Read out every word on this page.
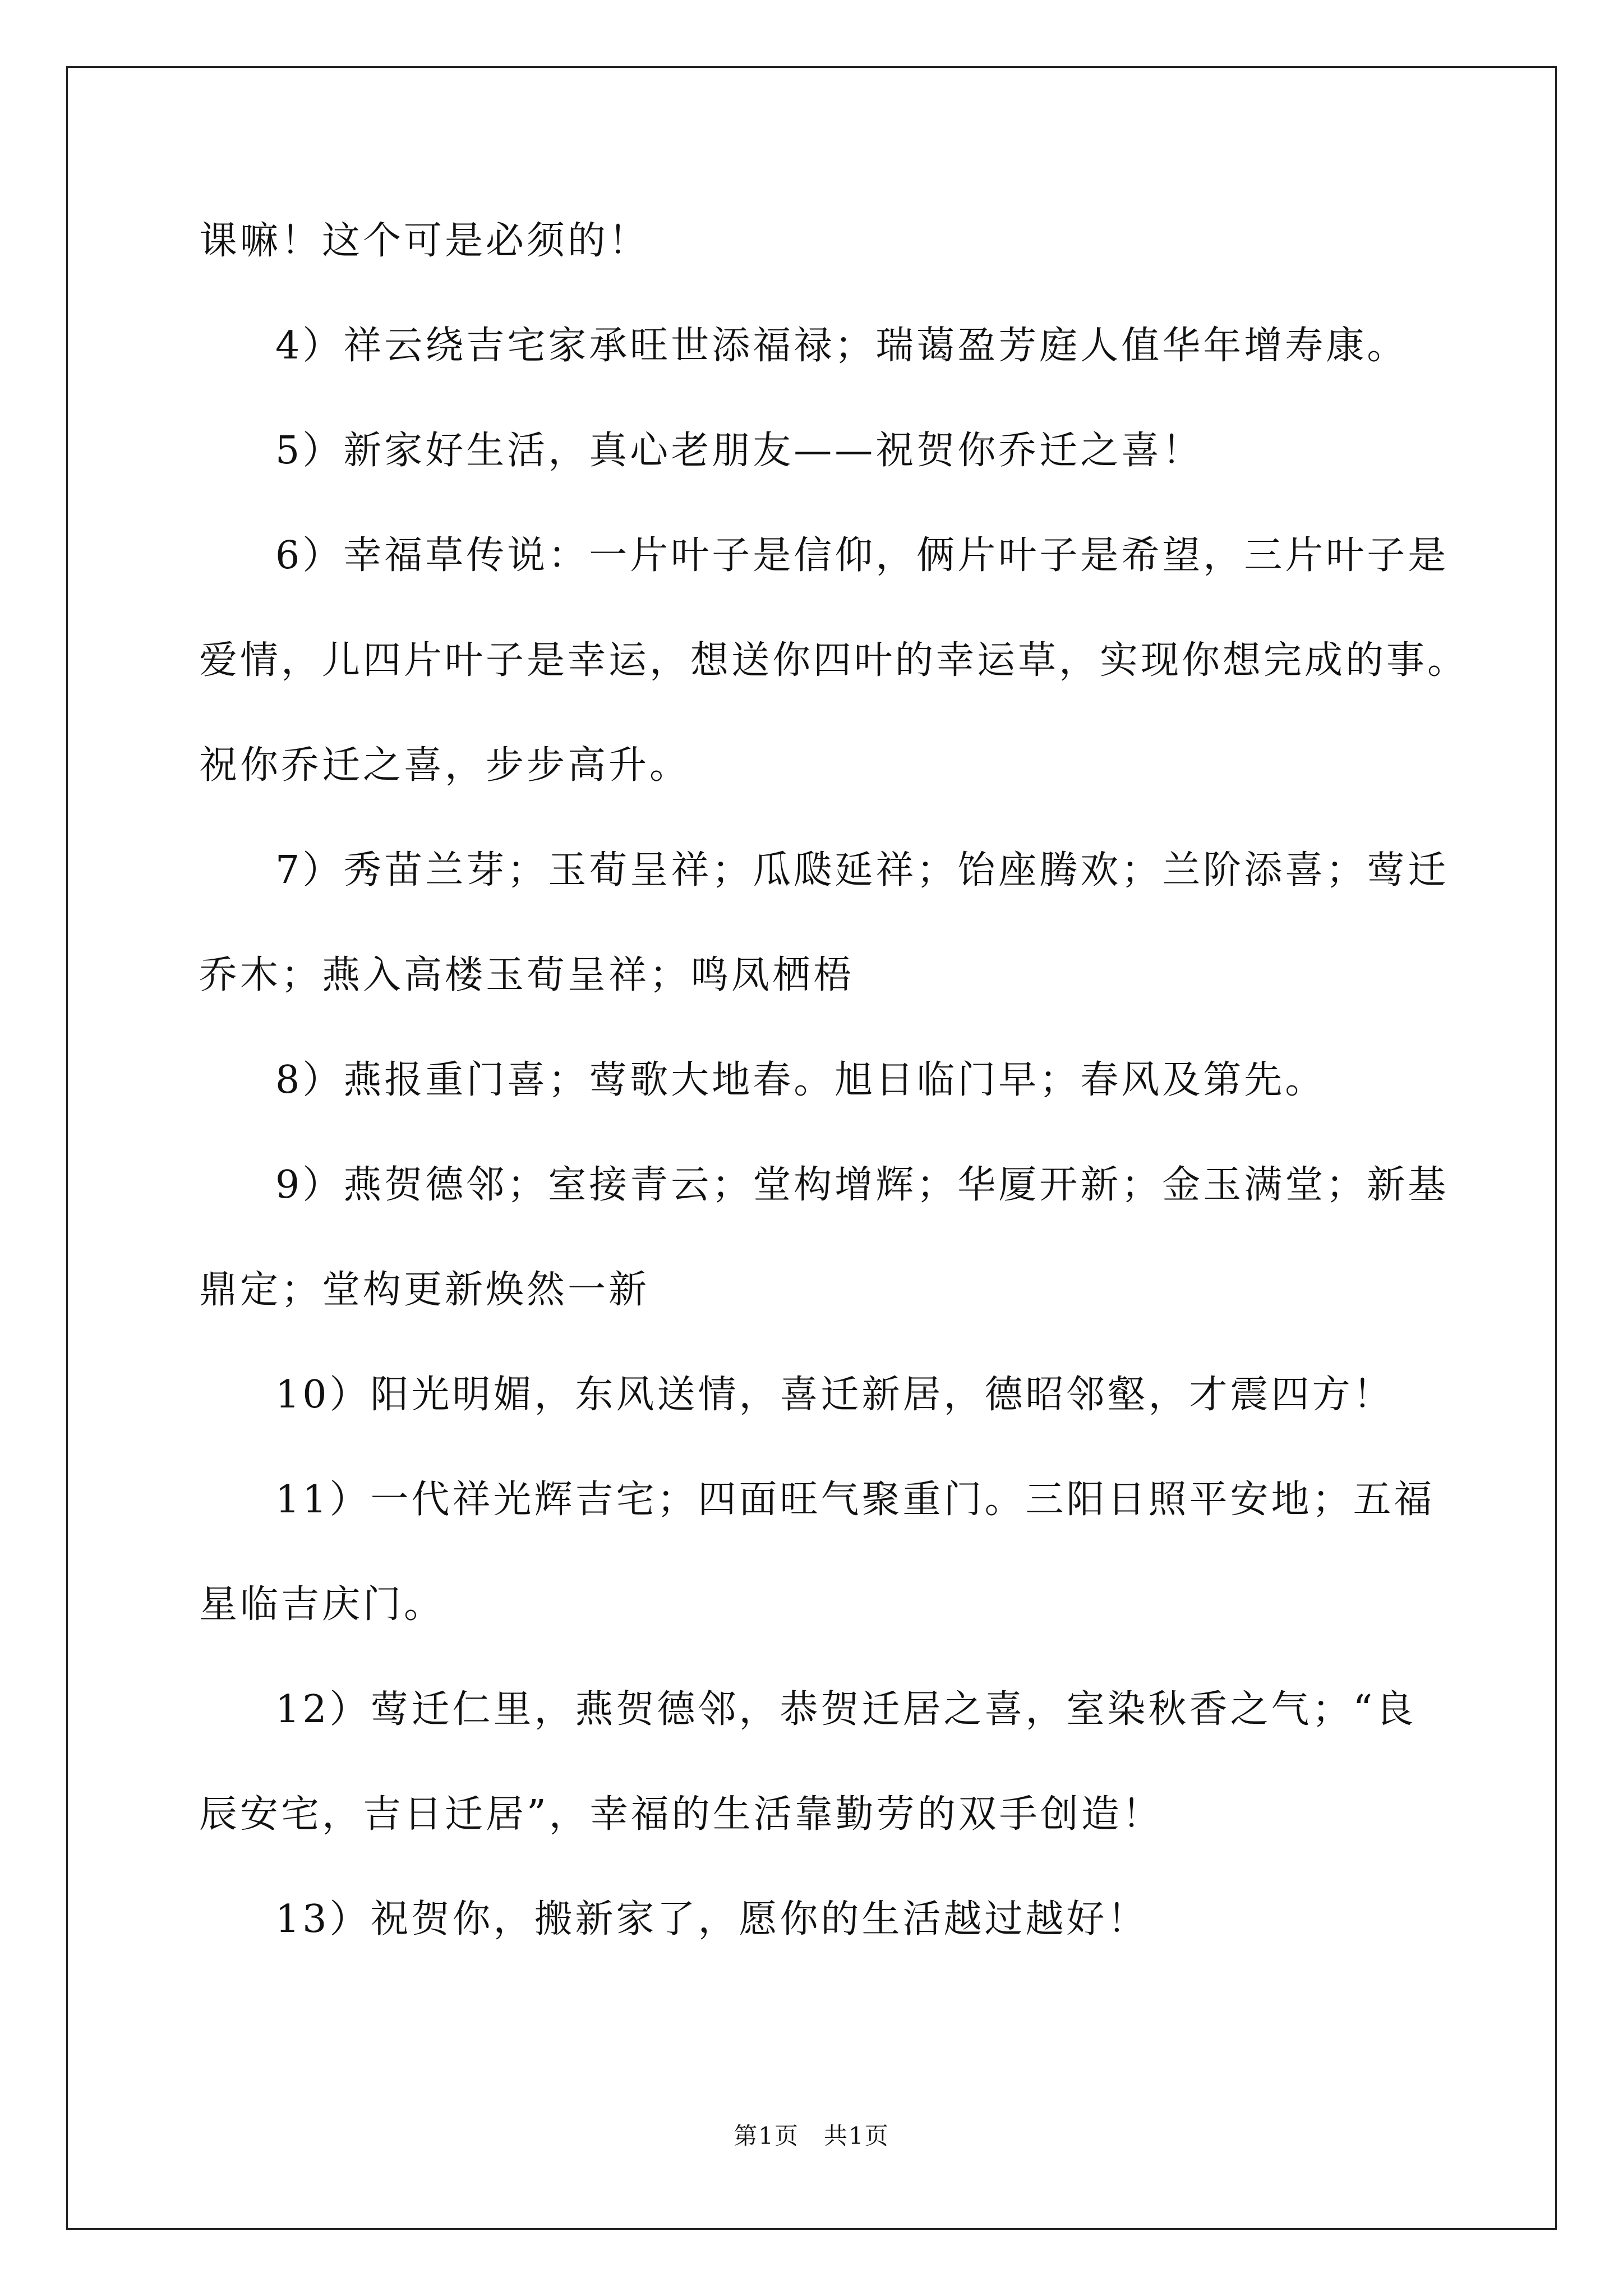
课嘛！这个可是必须的！
4）祥云绕吉宅家承旺世添福禄；瑞蔼盈芳庭人值华年增寿康。
5）新家好生活，真心老朋友——祝贺你乔迁之喜！
6）幸福草传说：一片叶子是信仰，俩片叶子是希望，三片叶子是
爱情，儿四片叶子是幸运，想送你四叶的幸运草，实现你想完成的事。
祝你乔迁之喜，步步高升。
7）秀苗兰芽；玉荀呈祥；瓜瓞延祥；饴座腾欢；兰阶添喜；莺迁
乔木；燕入高楼玉荀呈祥；鸣凤栖梧
8）燕报重门喜；莺歌大地春。旭日临门早；春风及第先。
9）燕贺德邻；室接青云；堂构增辉；华厦开新；金玉满堂；新基
鼎定；堂构更新焕然一新
10）阳光明媚，东风送情，喜迁新居，德昭邻壑，才震四方！
11）一代祥光辉吉宅；四面旺气聚重门。三阳日照平安地；五福
星临吉庆门。
12）莺迁仁里，燕贺德邻，恭贺迁居之喜，室染秋香之气；“良
辰安宅，吉日迁居”，幸福的生活靠勤劳的双手创造！
13）祝贺你，搬新家了，愿你的生活越过越好！
第1页　共1页
